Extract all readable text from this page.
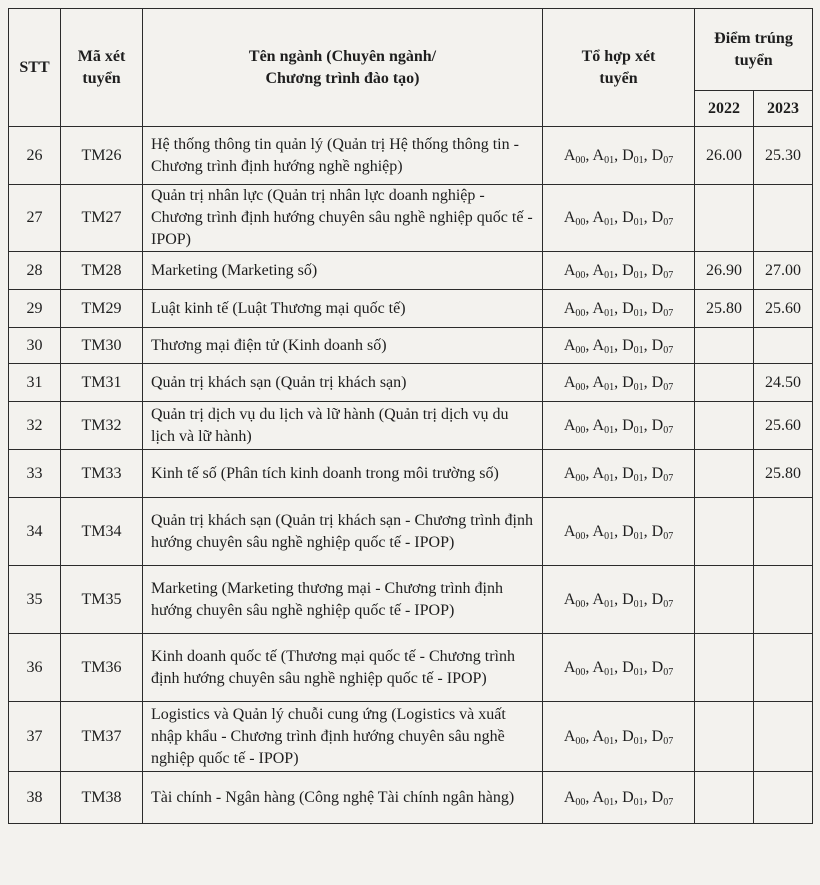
STT	Mã xét tuyển	Tên ngành (Chuyên ngành/ Chương trình đào tạo)	Tổ hợp xét tuyển	Điểm trúng tuyển	
				2022	2023
26	TM26	Hệ thống thông tin quản lý (Quản trị Hệ thống thông tin - Chương trình định hướng nghề nghiệp)	$A_{00}$, $A_{01}$, $D_{01}$, $D_{07}$	26.00	25.30
27	TM27	Quản trị nhân lực (Quản trị nhân lực doanh nghiệp - Chương trình định hướng chuyên sâu nghề nghiệp quốc tế - IPOP)	$A_{00}$, $A_{01}$, $D_{01}$, $D_{07}$		
28	TM28	Marketing (Marketing số)	$A_{00}$, $A_{01}$, $D_{01}$, $D_{07}$	26.90	27.00
29	TM29	Luật kinh tế (Luật Thương mại quốc tế)	$A_{00}$, $A_{01}$, $D_{01}$, $D_{07}$	25.80	25.60
30	TM30	Thương mại điện tử (Kinh doanh số)	$A_{00}$, $A_{01}$, $D_{01}$, $D_{07}$		
31	TM31	Quản trị khách sạn (Quản trị khách sạn)	$A_{00}$, $A_{01}$, $D_{01}$, $D_{07}$		24.50
32	TM32	Quản trị dịch vụ du lịch và lữ hành (Quản trị dịch vụ du lịch và lữ hành)	$A_{00}$, $A_{01}$, $D_{01}$, $D_{07}$		25.60
33	TM33	Kinh tế số (Phân tích kinh doanh trong môi trường số)	$A_{00}$, $A_{01}$, $D_{01}$, $D_{07}$		25.80
34	TM34	Quản trị khách sạn (Quản trị khách sạn - Chương trình định hướng chuyên sâu nghề nghiệp quốc tế - IPOP)	$A_{00}$, $A_{01}$, $D_{01}$, $D_{07}$		
35	TM35	Marketing (Marketing thương mại - Chương trình định hướng chuyên sâu nghề nghiệp quốc tế - IPOP)	$A_{00}$, $A_{01}$, $D_{01}$, $D_{07}$		
36	TM36	Kinh doanh quốc tế (Thương mại quốc tế - Chương trình định hướng chuyên sâu nghề nghiệp quốc tế - IPOP)	$A_{00}$, $A_{01}$, $D_{01}$, $D_{07}$		
37	TM37	Logistics và Quản lý chuỗi cung ứng (Logistics và xuất nhập khẩu - Chương trình định hướng chuyên sâu nghề nghiệp quốc tế - IPOP)	$A_{00}$, $A_{01}$, $D_{01}$, $D_{07}$		
38	TM38	Tài chính - Ngân hàng (Công nghệ Tài chính ngân hàng)	$A_{00}$, $A_{01}$, $D_{01}$, $D_{07}$		
